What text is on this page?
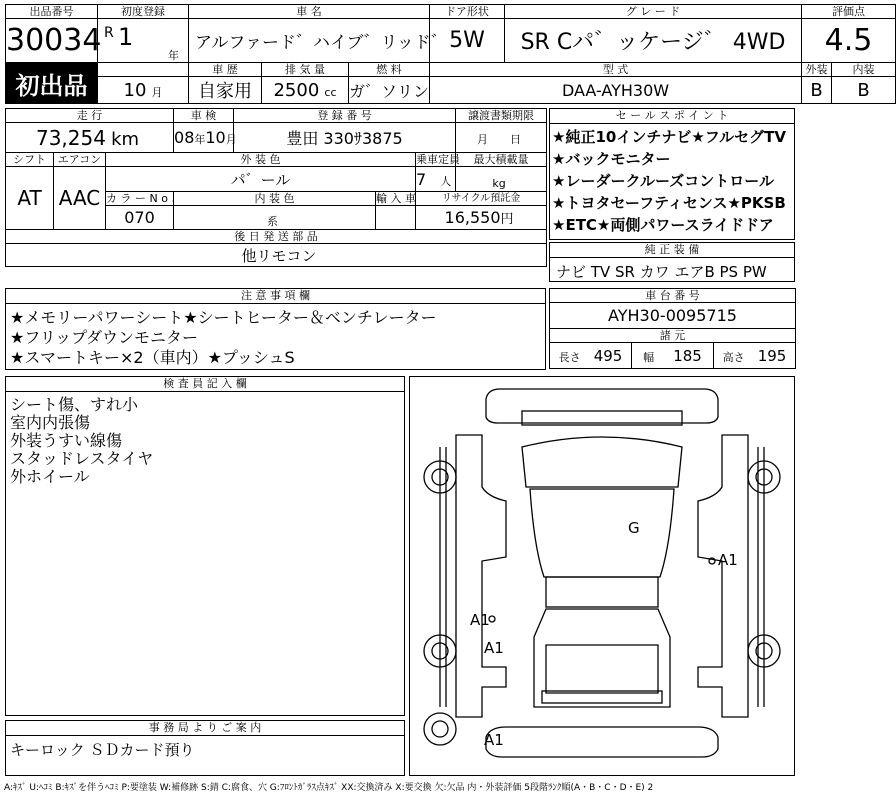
出品番号	初度登録	車 名			ドア形状	グ レ ー ド	評価点	
30034	R 1
年	アルファード゛ハイブ゛リッド゛			5W	SR Cパ゛ッケージ゛ 4WD	4.5	
初出品		車 歴	排 気 量	燃 料	型 式		外装	内装
	10 月	自家用	2500 cc	ガ゛ソリン	DAA-AYH30W		B	B
走 行			車 検	登 録 番 号			譲渡書類期限
73,254 km			08年10月	豊田 330ｻ3875			月 日
シフト	エアコン	外 装 色				乗車定員	最大積載量
AT	AAC	パ゛ール				7 人	kg
		カ ラ ー N o .	内 装 色		輸 入 車	リサイクル預託金	
		070	系			16,550円	
後 日 発 送 部 品							
他リモコン							
セ ー ル ス ポ イ ン ト
★純正10インチナビ★フルセグTV
★バックモニター
★レーダークルーズコントロール
★トヨタセーフティセンス★PKSB
★ETC★両側パワースライドドア
純 正 装 備
ナビ TV SR カワ エアB PS PW
注 意 事 項 欄
★メモリーパワーシート★シートヒーター＆ベンチレーター
★フリップダウンモニター
★スマートキー×2（車内）★プッシュS
車 台 番 号
AYH30-0095715
諸 元
長さ 495	幅 185	高さ 195
検 査 員 記 入 欄
シート傷、すれ小
室内内張傷
外装うすい線傷
スタッドレスタイヤ
外ホイール
事 務 局 よ り ご 案 内
キーロック ＳＤカード預り
G
A1
A1
A1
A1
A:ｷｽﾞ U:ﾍｺﾐ B:ｷｽﾞを伴うﾍｺﾐ P:要塗装 W:補修跡 S:錆 C:腐食、穴 G:ﾌﾛﾝﾄｶﾞﾗｽ点ｷｽﾞ XX:交換済み X:要交換 欠:欠品 内・外装評価 5段階ﾗﾝｸ順(A・B・C・D・E) 2
